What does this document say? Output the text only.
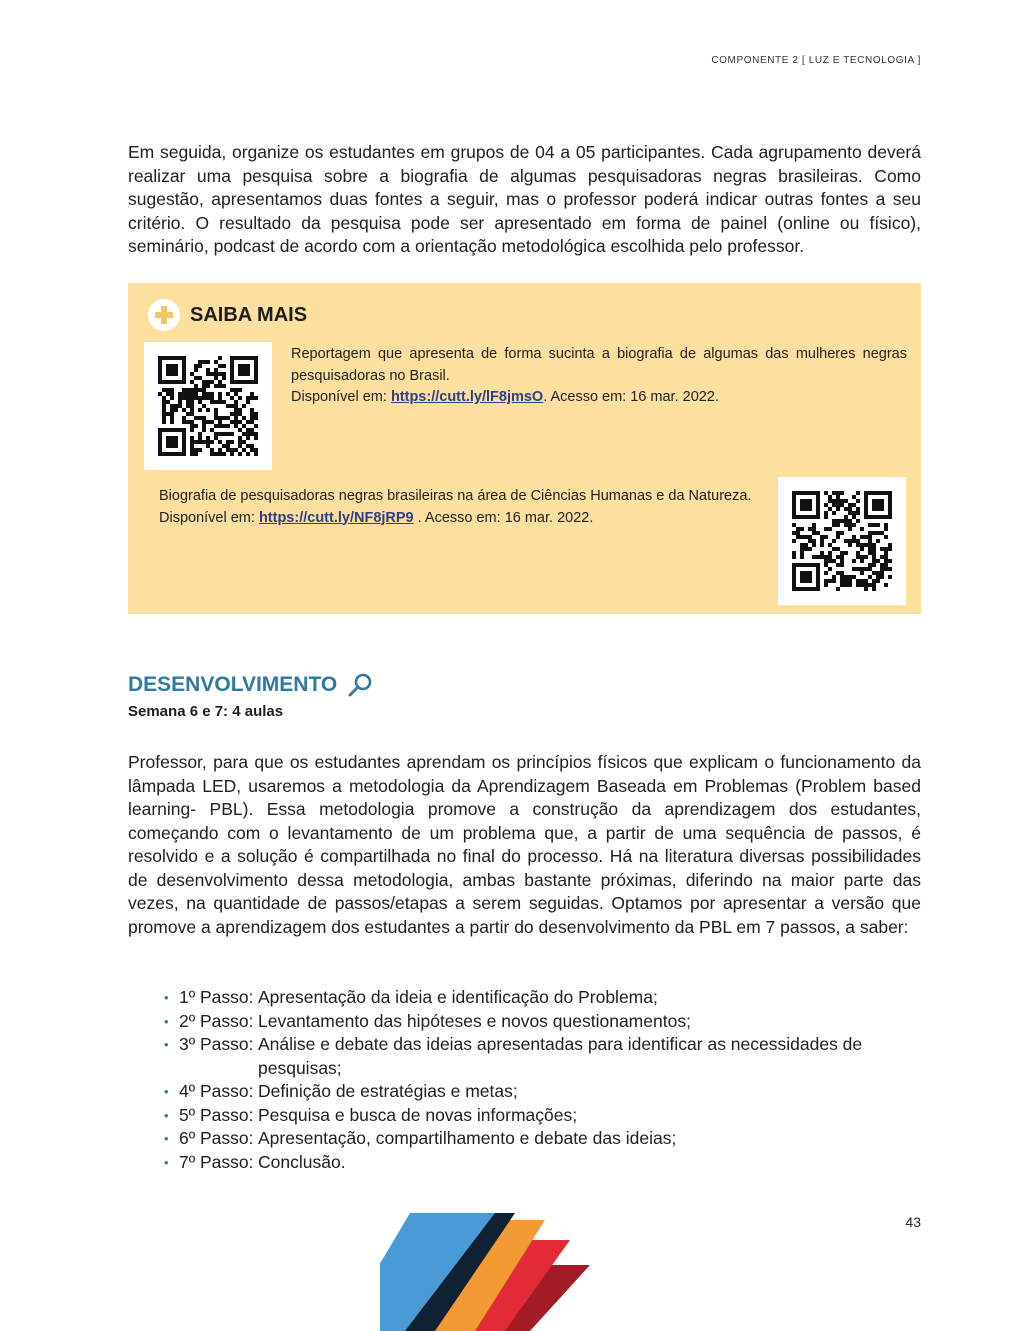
COMPONENTE 2 [ LUZ E TECNOLOGIA ]

Em seguida, organize os estudantes em grupos de 04 a 05 participantes. Cada agrupamento deverá realizar uma pesquisa sobre a biografia de algumas pesquisadoras negras brasileiras. Como sugestão, apresentamos duas fontes a seguir, mas o professor poderá indicar outras fontes a seu critério. O resultado da pesquisa pode ser apresentado em forma de painel (online ou físico), seminário, podcast de acordo com a orientação metodológica escolhida pelo professor.

SAIBA MAIS

Reportagem que apresenta de forma sucinta a biografia de algumas das mulheres negras pesquisadoras no Brasil.
Disponível em: https://cutt.ly/lF8jmsO. Acesso em: 16 mar. 2022.

Biografia de pesquisadoras negras brasileiras na área de Ciências Humanas e da Natureza.
Disponível em: https://cutt.ly/NF8jRP9 . Acesso em: 16 mar. 2022.

DESENVOLVIMENTO
Semana 6 e 7: 4 aulas

Professor, para que os estudantes aprendam os princípios físicos que explicam o funcionamento da lâmpada LED, usaremos a metodologia da Aprendizagem Baseada em Problemas (Problem based learning- PBL). Essa metodologia promove a construção da aprendizagem dos estudantes, começando com o levantamento de um problema que, a partir de uma sequência de passos, é resolvido e a solução é compartilhada no final do processo. Há na literatura diversas possibilidades de desenvolvimento dessa metodologia, ambas bastante próximas, diferindo na maior parte das vezes, na quantidade de passos/etapas a serem seguidas. Optamos por apresentar a versão que promove a aprendizagem dos estudantes a partir do desenvolvimento da PBL em 7 passos, a saber:

• 1º Passo: Apresentação da ideia e identificação do Problema;
• 2º Passo: Levantamento das hipóteses e novos questionamentos;
• 3º Passo: Análise e debate das ideias apresentadas para identificar as necessidades de pesquisas;
• 4º Passo: Definição de estratégias e metas;
• 5º Passo: Pesquisa e busca de novas informações;
• 6º Passo: Apresentação, compartilhamento e debate das ideias;
• 7º Passo: Conclusão.
43
